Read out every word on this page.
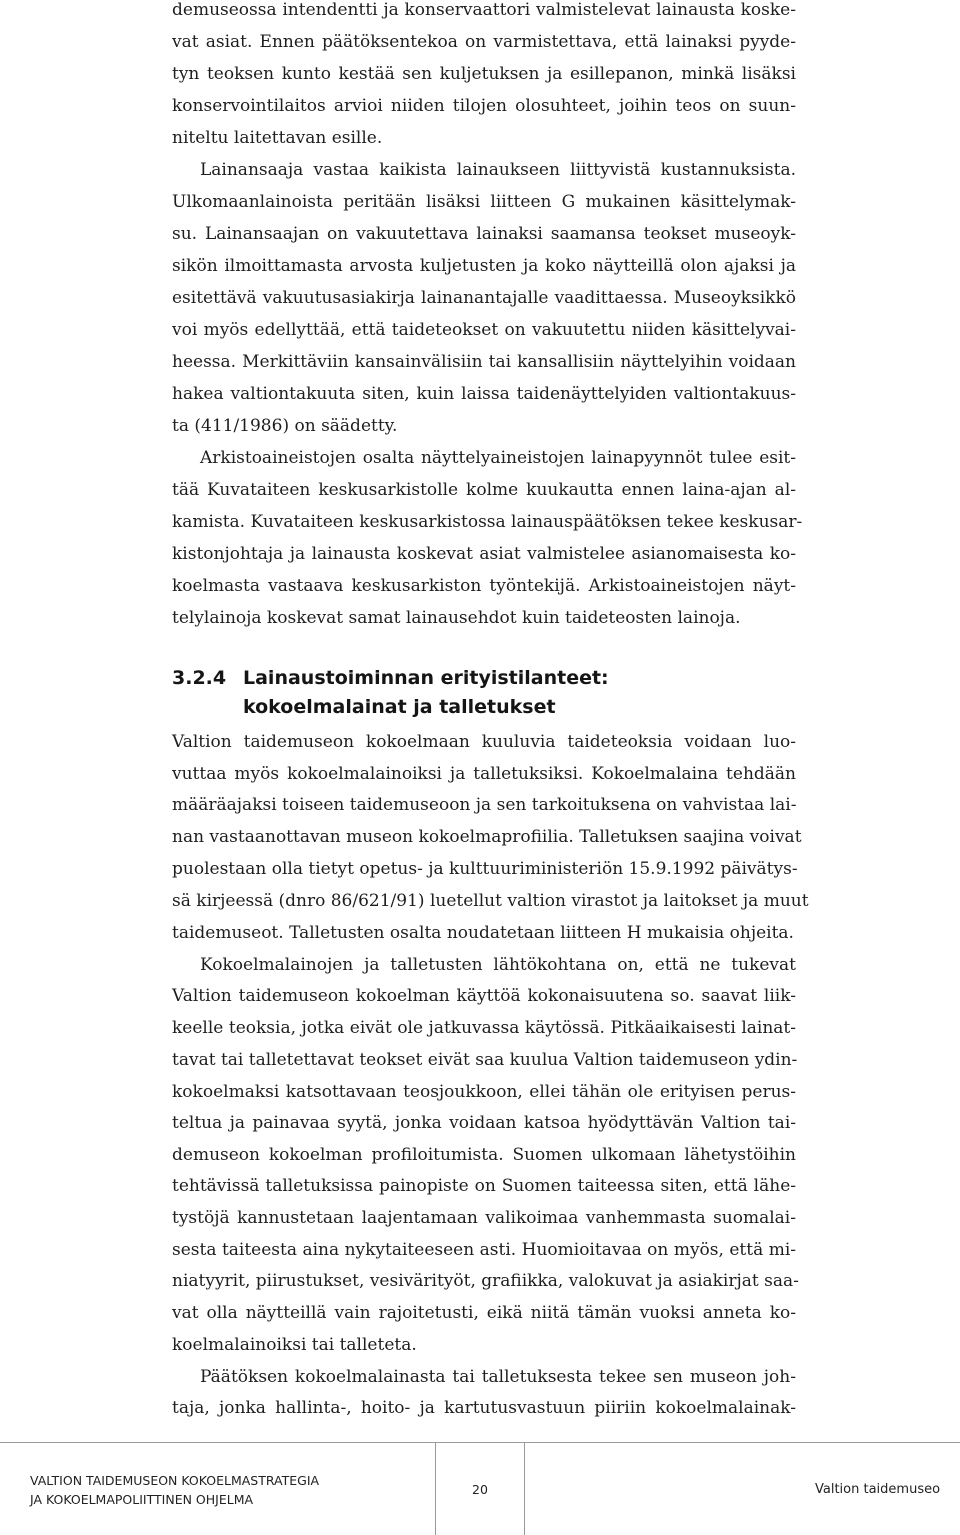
demuseossa intendentti ja konservaattori valmistelevat lainausta koske-
vat asiat. Ennen päätöksentekoa on varmistettava, että lainaksi pyyde-
tyn teoksen kunto kestää sen kuljetuksen ja esillepanon, minkä lisäksi
konservointilaitos arvioi niiden tilojen olosuhteet, joihin teos on suun-
niteltu laitettavan esille.
Lainansaaja vastaa kaikista lainaukseen liittyvistä kustannuksista.
Ulkomaanlainoista peritään lisäksi liitteen G mukainen käsittelymak-
su. Lainansaajan on vakuutettava lainaksi saamansa teokset museoyk-
sikön ilmoittamasta arvosta kuljetusten ja koko näytteillä olon ajaksi ja
esitettävä vakuutusasiakirja lainanantajalle vaadittaessa. Museoyksikkö
voi myös edellyttää, että taideteokset on vakuutettu niiden käsittelyvai-
heessa. Merkittäviin kansainvälisiin tai kansallisiin näyttelyihin voidaan
hakea valtiontakuuta siten, kuin laissa taidenäyttelyiden valtiontakuus-
ta (411/1986) on säädetty.
Arkistoaineistojen osalta näyttelyaineistojen lainapyynnöt tulee esit-
tää Kuvataiteen keskusarkistolle kolme kuukautta ennen laina-ajan al-
kamista. Kuvataiteen keskusarkistossa lainauspäätöksen tekee keskusar-
kistonjohtaja ja lainausta koskevat asiat valmistelee asianomaisesta ko-
koelmasta vastaava keskusarkiston työntekijä. Arkistoaineistojen näyt-
telylainoja koskevat samat lainausehdot kuin taideteosten lainoja.
3.2.4 Lainaustoiminnan erityistilanteet:
kokoelmalainat ja talletukset
Valtion taidemuseon kokoelmaan kuuluvia taideteoksia voidaan luo-
vuttaa myös kokoelmalainoiksi ja talletuksiksi. Kokoelmalaina tehdään
määräajaksi toiseen taidemuseoon ja sen tarkoituksena on vahvistaa lai-
nan vastaanottavan museon kokoelmaprofiilia. Talletuksen saajina voivat
puolestaan olla tietyt opetus- ja kulttuuriministeriön 15.9.1992 päivätys-
sä kirjeessä (dnro 86/621/91) luetellut valtion virastot ja laitokset ja muut
taidemuseot. Talletusten osalta noudatetaan liitteen H mukaisia ohjeita.
Kokoelmalainojen ja talletusten lähtökohtana on, että ne tukevat
Valtion taidemuseon kokoelman käyttöä kokonaisuutena so. saavat liik-
keelle teoksia, jotka eivät ole jatkuvassa käytössä. Pitkäaikaisesti lainat-
tavat tai talletettavat teokset eivät saa kuulua Valtion taidemuseon ydin-
kokoelmaksi katsottavaan teosjoukkoon, ellei tähän ole erityisen perus-
teltua ja painavaa syytä, jonka voidaan katsoa hyödyttävän Valtion tai-
demuseon kokoelman profiloitumista. Suomen ulkomaan lähetystöihin
tehtävissä talletuksissa painopiste on Suomen taiteessa siten, että lähe-
tystöjä kannustetaan laajentamaan valikoimaa vanhemmasta suomalai-
sesta taiteesta aina nykytaiteeseen asti. Huomioitavaa on myös, että mi-
niatyyrit, piirustukset, vesivärityöt, grafiikka, valokuvat ja asiakirjat saa-
vat olla näytteillä vain rajoitetusti, eikä niitä tämän vuoksi anneta ko-
koelmalainoiksi tai talleteta.
Päätöksen kokoelmalainasta tai talletuksesta tekee sen museon joh-
taja, jonka hallinta-, hoito- ja kartutusvastuun piiriin kokoelmalainak-
VALTION TAIDEMUSEON KOKOELMASTRATEGIA
JA KOKOELMAPOLIITTINEN OHJELMA
20	Valtion taidemuseo
